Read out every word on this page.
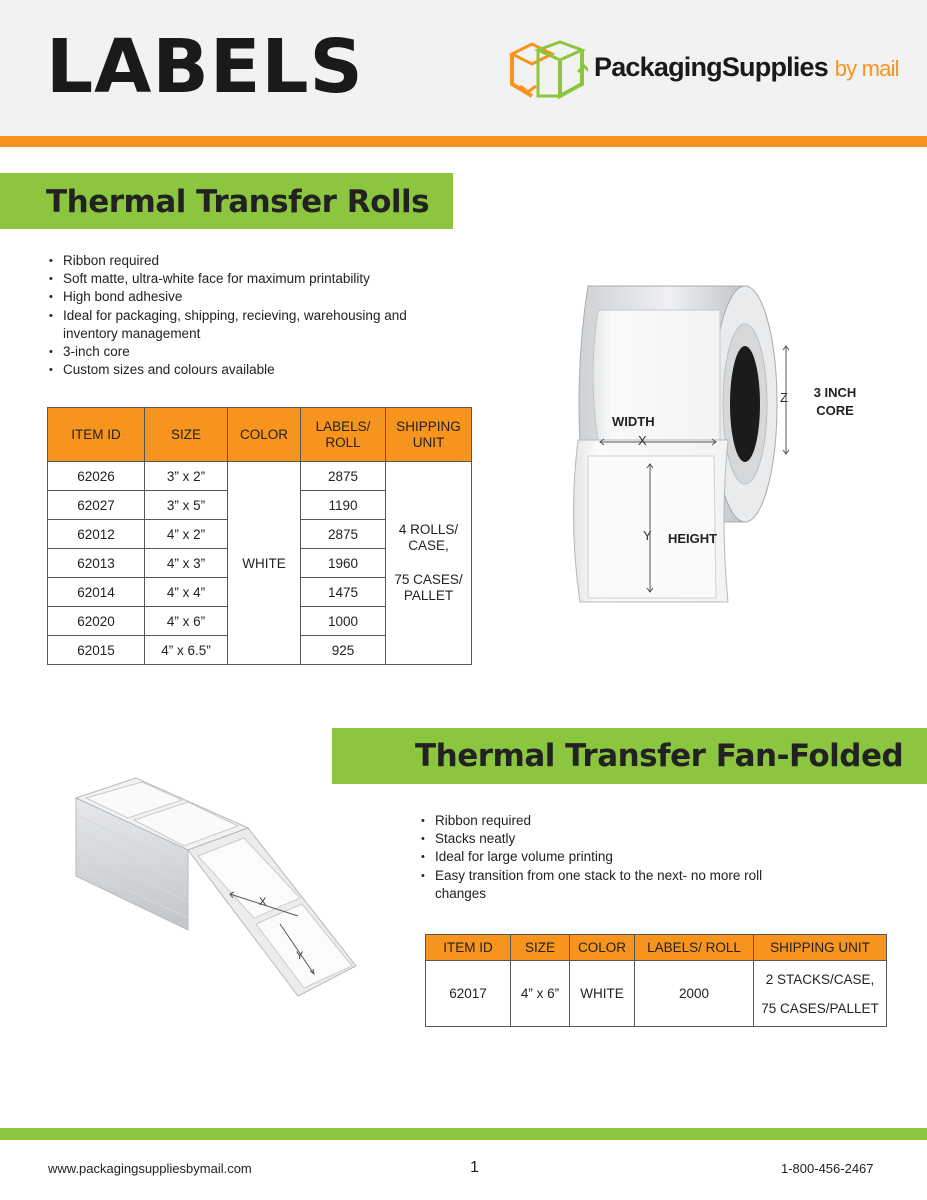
LABELS	PackagingSupplies by mail
Thermal Transfer Rolls
• Ribbon required
• Soft matte, ultra-white face for maximum printability
• High bond adhesive
• Ideal for packaging, shipping, recieving, warehousing and inventory management
• 3-inch core
• Custom sizes and colours available
ITEM ID	SIZE	COLOR	LABELS/ ROLL	SHIPPING UNIT
62026	3” x 2”	WHITE	2875	4 ROLLS/ CASE,
75 CASES/ PALLET

62027	3” x 5”		1190	
62012	4” x 2”		2875	
62013	4” x 3”		1960	
62014	4” x 4”		1475	
62020	4” x 6”		1000	
62015	4” x 6.5”		925	
WIDTH
X
Y HEIGHT
Z	3 INCH
CORE
Thermal Transfer Fan-Folded
X
Y
• Ribbon required
• Stacks neatly
• Ideal for large volume printing
• Easy transition from one stack to the next- no more roll changes
ITEM ID	SIZE	COLOR	LABELS/ ROLL	SHIPPING UNIT
62017	4” x 6”	WHITE	2000	2 STACKS/CASE,
75 CASES/PALLET
www.packagingsuppliesbymail.com	1	1-800-456-2467
